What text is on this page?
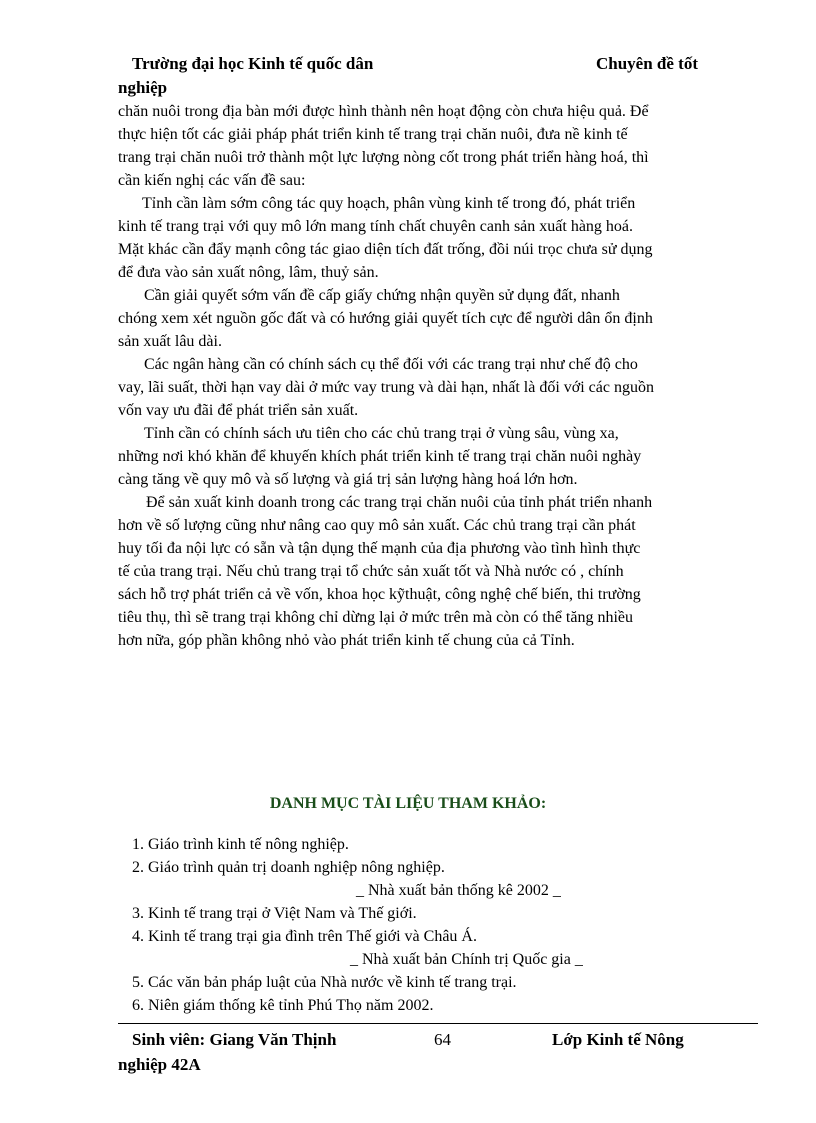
Trường đại học Kinh tế quốc dân	Chuyên đề tốt
nghiệp
chăn nuôi trong địa bàn mới được hình thành nên hoạt động còn chưa hiệu quả. Để
thực hiện tốt các giải pháp phát triển kinh tế trang trại chăn nuôi, đưa nề kinh tế
trang trại chăn nuôi trở thành một lực lượng nòng cốt trong phát triển hàng hoá, thì
cần kiến nghị các vấn đề sau:
Tỉnh cần làm sớm công tác quy hoạch, phân vùng kinh tế trong đó, phát triển
kinh tế trang trại với quy mô lớn mang tính chất chuyên canh sản xuất hàng hoá.
Mặt khác cần đẩy mạnh công tác giao diện tích đất trống, đồi núi trọc chưa sử dụng
để đưa vào sản xuất nông, lâm, thuỷ sản.
Cần giải quyết sớm vấn đề cấp giấy chứng nhận quyền sử dụng đất, nhanh
chóng xem xét nguồn gốc đất và có hướng giải quyết tích cực để người dân ổn định
sản xuất lâu dài.
Các ngân hàng cần có chính sách cụ thể đối với các trang trại như chế độ cho
vay, lãi suất, thời hạn vay dài ở mức vay trung và dài hạn, nhất là đối với các nguồn
vốn vay ưu đãi để phát triển sản xuất.
Tỉnh cần có chính sách ưu tiên cho các chủ trang trại ở vùng sâu, vùng xa,
những nơi khó khăn để khuyến khích phát triển kinh tế trang trại chăn nuôi nghày
càng tăng về quy mô và số lượng và giá trị sản lượng hàng hoá lớn hơn.
Để sản xuất kinh doanh trong các trang trại chăn nuôi của tỉnh phát triển nhanh
hơn về số lượng cũng như nâng cao quy mô sản xuất. Các chủ trang trại cần phát
huy tối đa nội lực có sẵn và tận dụng thế mạnh của địa phương vào tình hình thực
tế của trang trại. Nếu chủ trang trại tổ chức sản xuất tốt và Nhà nước có , chính
sách hỗ trợ phát triển cả về vốn, khoa học kỹthuật, công nghệ chế biến, thi trường
tiêu thụ, thì sẽ trang trại không chỉ dừng lại ở mức trên mà còn có thể tăng nhiều
hơn nữa, góp phần không nhỏ vào phát triển kinh tế chung của cả Tỉnh.
DANH MỤC TÀI LIỆU THAM KHẢO:
1. Giáo trình kinh tế nông nghiệp.
2. Giáo trình quản trị doanh nghiệp nông nghiệp.
_ Nhà xuất bản thống kê 2002 _
3. Kinh tế trang trại ở Việt Nam và Thế giới.
4. Kinh tế trang trại gia đình trên Thế giới và Châu Á.
_ Nhà xuất bản Chính trị Quốc gia _
5. Các văn bản pháp luật của Nhà nước về kinh tế trang trại.
6. Niên giám thống kê tỉnh Phú Thọ năm 2002.
Sinh viên: Giang Văn Thịnh	64	Lớp Kinh tế Nông
nghiệp 42A
